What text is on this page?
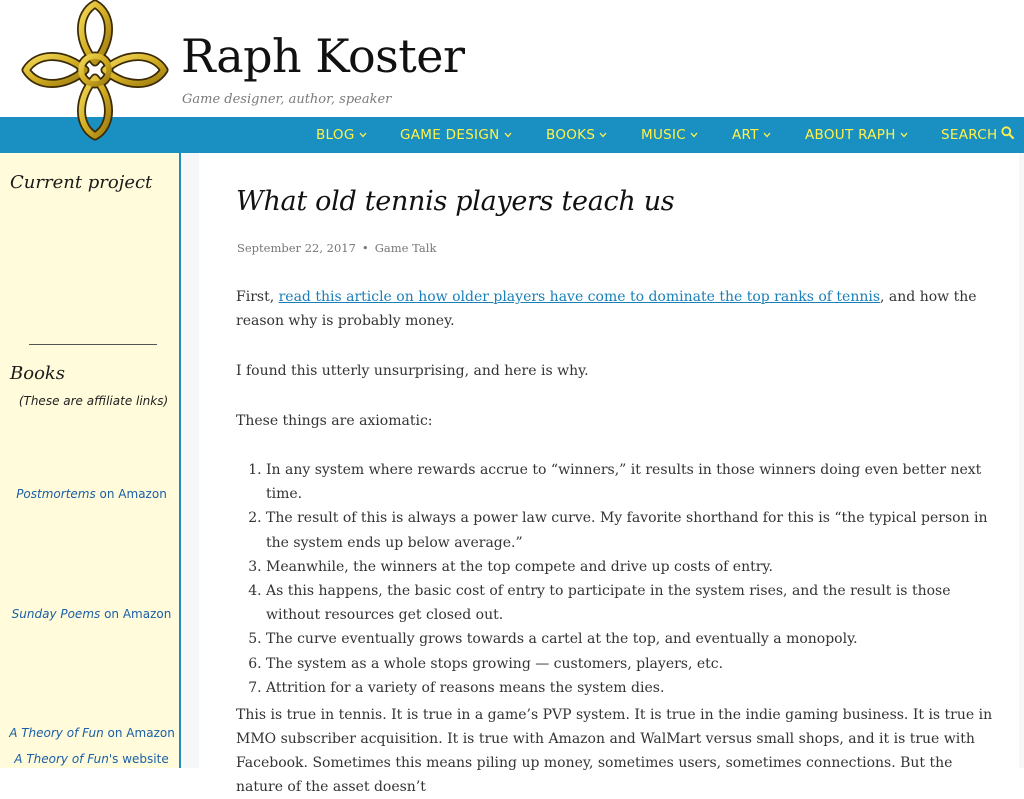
Raph Koster
Game designer, author, speaker
BLOG	GAME DESIGN	BOOKS	MUSIC	ART	ABOUT RAPH	SEARCH
Current project
Books
(These are affiliate links)
Postmortems on Amazon
Sunday Poems on Amazon
A Theory of Fun on Amazon
A Theory of Fun's website
What old tennis players teach us
September 22, 2017 • Game Talk
First, read this article on how older players have come to dominate the top ranks of tennis, and how the reason why is probably money.
I found this utterly unsurprising, and here is why.
These things are axiomatic:
1. In any system where rewards accrue to “winners,” it results in those winners doing even better next time.
2. The result of this is always a power law curve. My favorite shorthand for this is “the typical person in the system ends up below average.”
3. Meanwhile, the winners at the top compete and drive up costs of entry.
4. As this happens, the basic cost of entry to participate in the system rises, and the result is those without resources get closed out.
5. The curve eventually grows towards a cartel at the top, and eventually a monopoly.
6. The system as a whole stops growing — customers, players, etc.
7. Attrition for a variety of reasons means the system dies.
This is true in tennis. It is true in a game’s PVP system. It is true in the indie gaming business. It is true in MMO subscriber acquisition. It is true with Amazon and WalMart versus small shops, and it is true with Facebook. Sometimes this means piling up money, sometimes users, sometimes connections. But the nature of the asset doesn’t
